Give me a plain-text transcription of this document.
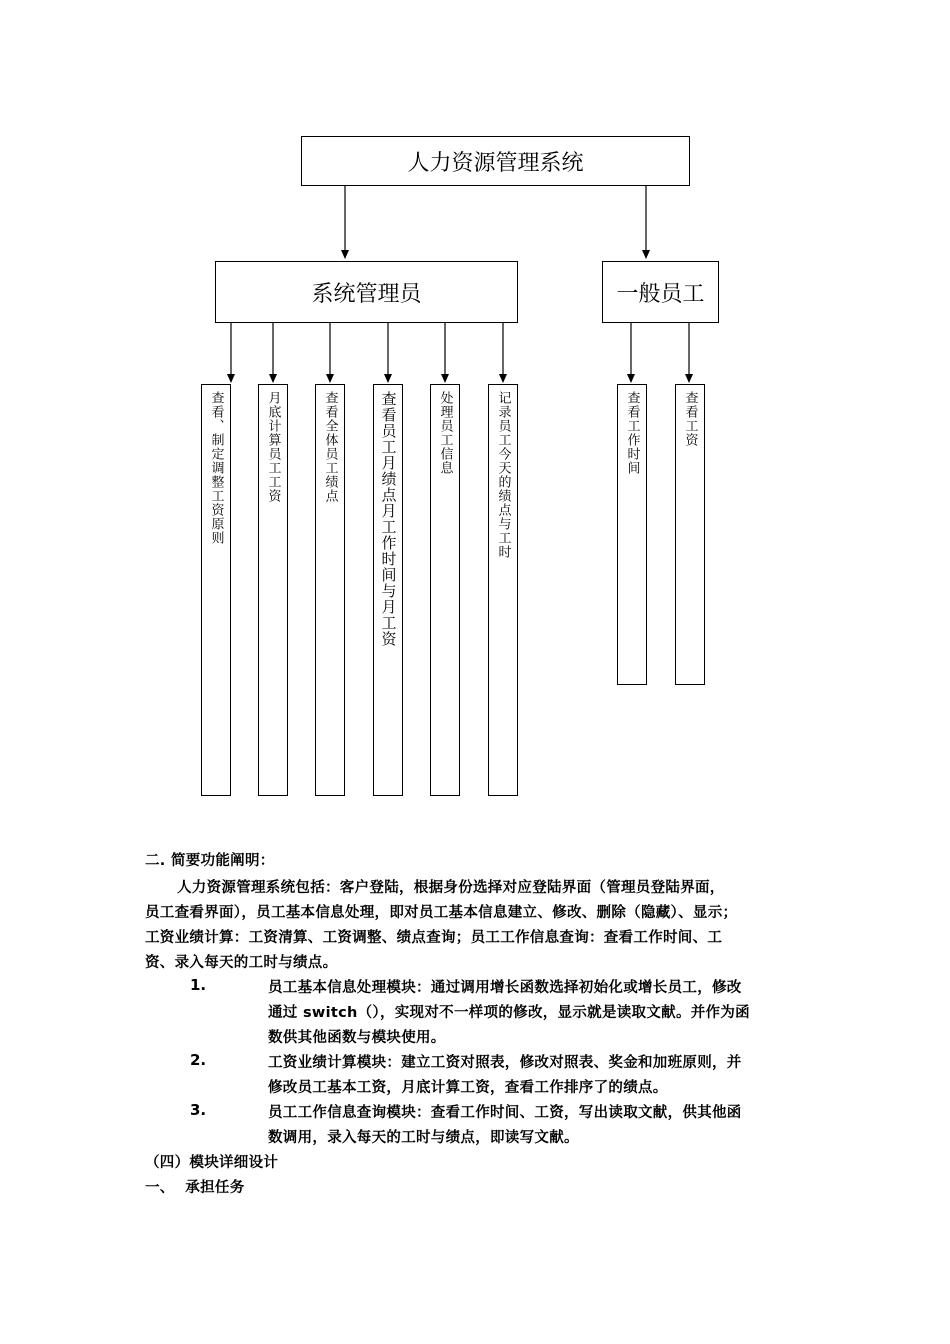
人力资源管理系统
系统管理员	一般员工
查看、制定调整工资原则	月底计算员工工资	查看全体员工绩点	查看员工月绩点月工作时间与月工资	处理员工信息	记录员工今天的绩点与工时	查看工作时间	查看工资
二. 简要功能阐明：
人力资源管理系统包括：客户登陆，根据身份选择对应登陆界面（管理员登陆界面，
员工查看界面），员工基本信息处理，即对员工基本信息建立、修改、删除（隐藏）、显示；
工资业绩计算：工资清算、工资调整、绩点查询；员工工作信息查询：查看工作时间、工
资、录入每天的工时与绩点。
1.	员工基本信息处理模块：通过调用增长函数选择初始化或增长员工，修改
通过 switch（），实现对不一样项的修改，显示就是读取文献。并作为函
数供其他函数与模块使用。
2.	工资业绩计算模块：建立工资对照表，修改对照表、奖金和加班原则，并
修改员工基本工资，月底计算工资，查看工作排序了的绩点。
3.	员工工作信息查询模块：查看工作时间、工资，写出读取文献，供其他函
数调用，录入每天的工时与绩点，即读写文献。
（四）模块详细设计
一、  承担任务
